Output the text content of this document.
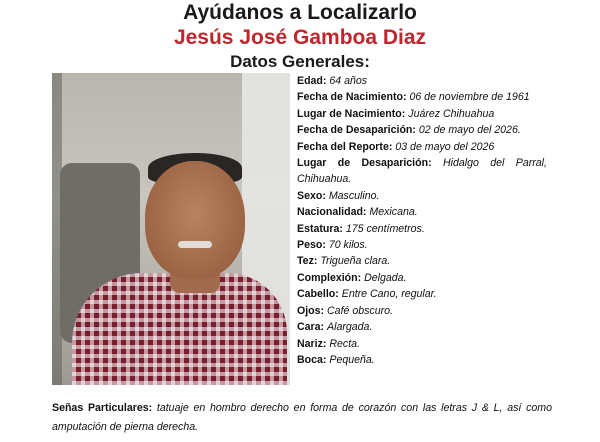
Ayúdanos a Localizarlo
Jesús José Gamboa Diaz
Datos Generales:

Edad: 64 años

Fecha de Nacimiento: 06 de noviembre de 1961

Lugar de Nacimiento: Juárez Chihuahua

Fecha de Desaparición: 02 de mayo del 2026.

Fecha del Reporte: 03 de mayo del 2026

Lugar de Desaparición: Hidalgo del Parral, Chihuahua.

Sexo: Masculino.

Nacionalidad: Mexicana.

Estatura: 175 centímetros.

Peso: 70 kilos.

Tez: Trigueña clara.

Complexión: Delgada.

Cabello: Entre Cano, regular.

Ojos: Café obscuro.

Cara: Alargada.

Nariz: Recta.

Boca: Pequeña.

Señas Particulares: tatuaje en hombro derecho en forma de corazón con las letras J & L, así como amputación de pierna derecha.
